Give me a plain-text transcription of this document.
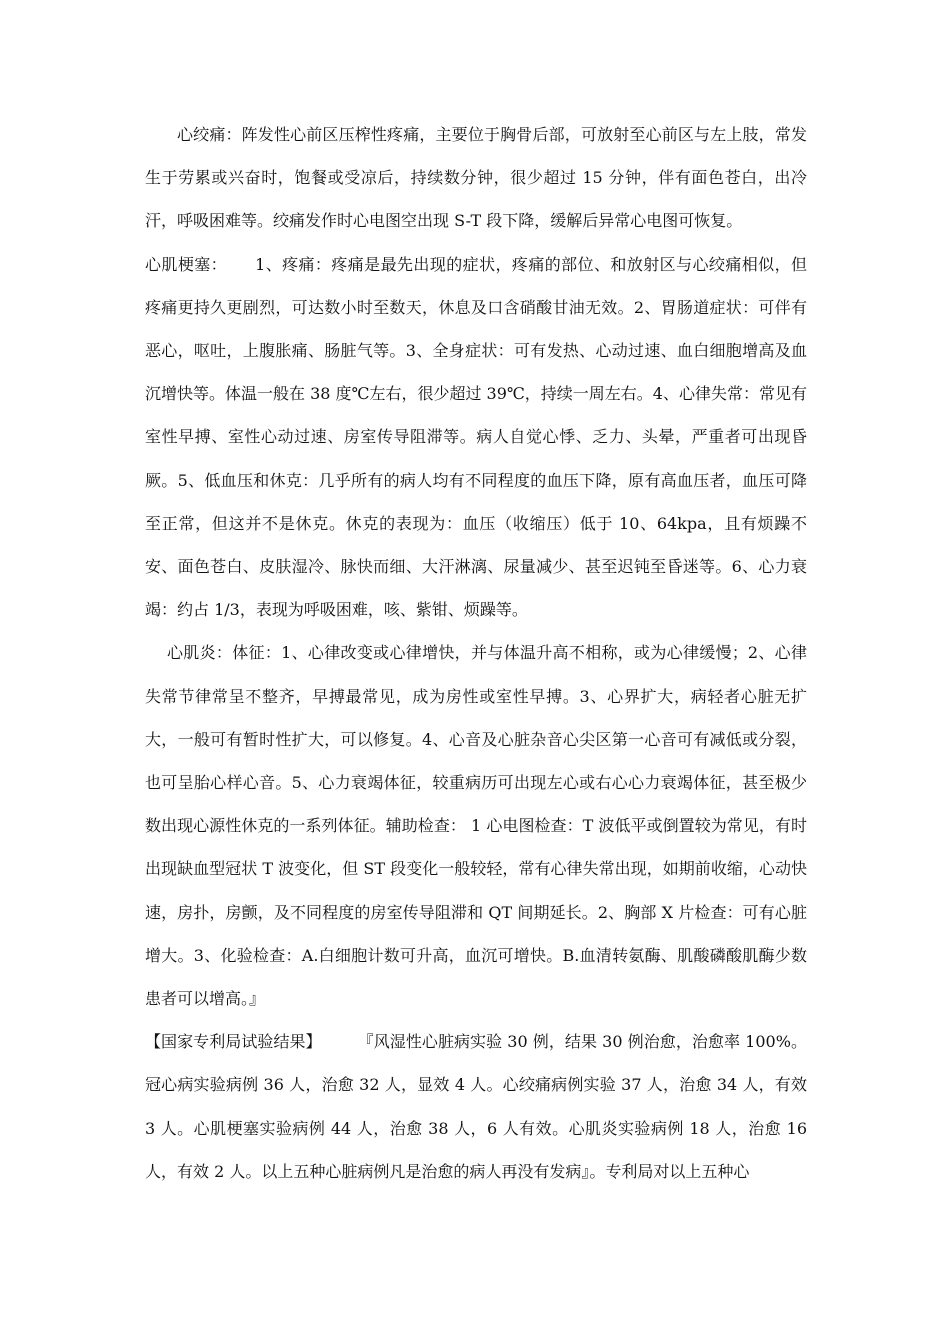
心绞痛：阵发性心前区压榨性疼痛，主要位于胸骨后部，可放射至心前区与左上肢，常发生于劳累或兴奋时，饱餐或受凉后，持续数分钟，很少超过 15 分钟，伴有面色苍白，出冷汗，呼吸困难等。绞痛发作时心电图空出现 S-T 段下降，缓解后异常心电图可恢复。

心肌梗塞： 1、疼痛：疼痛是最先出现的症状，疼痛的部位、和放射区与心绞痛相似，但疼痛更持久更剧烈，可达数小时至数天，休息及口含硝酸甘油无效。2、胃肠道症状：可伴有恶心，呕吐，上腹胀痛、肠脏气等。3、全身症状：可有发热、心动过速、血白细胞增高及血沉增快等。体温一般在 38 度℃左右，很少超过 39℃，持续一周左右。4、心律失常：常见有室性早搏、室性心动过速、房室传导阻滞等。病人自觉心悸、乏力、头晕，严重者可出现昏厥。5、低血压和休克：几乎所有的病人均有不同程度的血压下降，原有高血压者，血压可降至正常，但这并不是休克。休克的表现为：血压（收缩压）低于 10、64kpa，且有烦躁不安、面色苍白、皮肤湿冷、脉快而细、大汗淋漓、尿量减少、甚至迟钝至昏迷等。6、心力衰竭：约占 1/3，表现为呼吸困难，咳、紫钳、烦躁等。

心肌炎：体征：1、心律改变或心律增快，并与体温升高不相称，或为心律缓慢；2、心律失常节律常呈不整齐，早搏最常见，成为房性或室性早搏。3、心界扩大，病轻者心脏无扩大，一般可有暂时性扩大，可以修复。4、心音及心脏杂音心尖区第一心音可有减低或分裂，也可呈胎心样心音。5、心力衰竭体征，较重病历可出现左心或右心心力衰竭体征，甚至极少数出现心源性休克的一系列体征。辅助检查： 1 心电图检查：T 波低平或倒置较为常见，有时出现缺血型冠状 T 波变化，但 ST 段变化一般较轻，常有心律失常出现，如期前收缩，心动快速，房扑，房颤，及不同程度的房室传导阻滞和 QT 间期延长。2、胸部 X 片检查：可有心脏增大。3、化验检查：A.白细胞计数可升高，血沉可增快。B.血清转氨酶、肌酸磷酸肌酶少数患者可以增高。』

【国家专利局试验结果】 『风湿性心脏病实验 30 例，结果 30 例治愈，治愈率 100%。冠心病实验病例 36 人，治愈 32 人，显效 4 人。心绞痛病例实验 37 人，治愈 34 人，有效 3 人。心肌梗塞实验病例 44 人，治愈 38 人，6 人有效。心肌炎实验病例 18 人，治愈 16 人，有效 2 人。以上五种心脏病例凡是治愈的病人再没有发病』。专利局对以上五种心
